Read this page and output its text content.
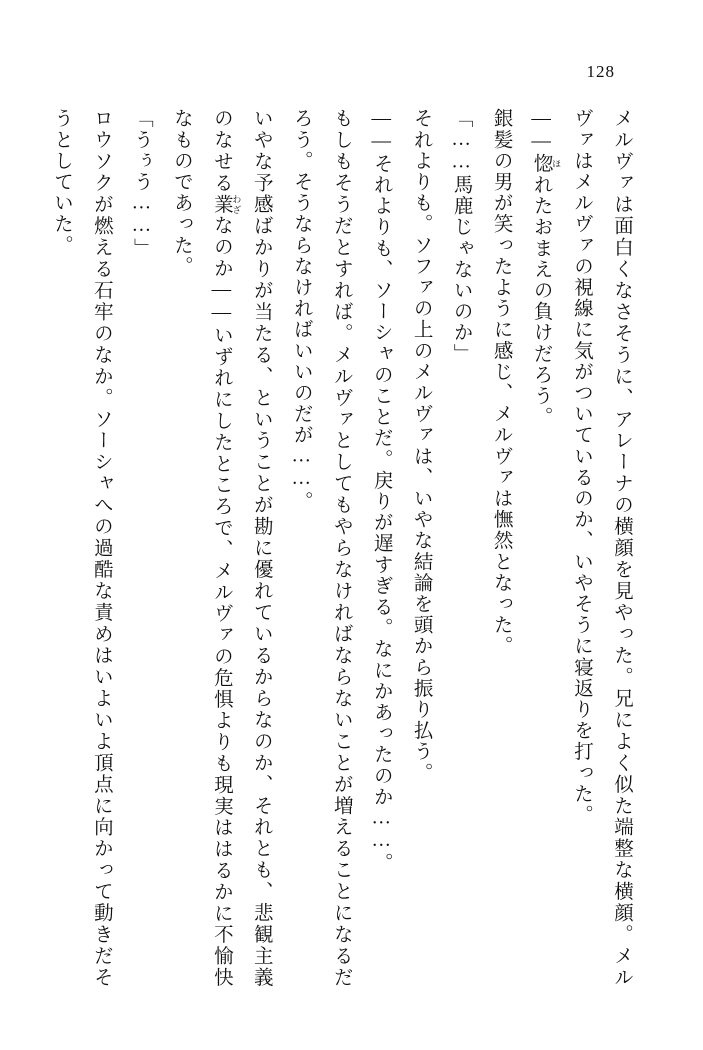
128

メルヴァは面白くなさそうに、アレーナの横顔を見やった。兄によく似た端整な横顔。メルヴァはメルヴァの視線に気がついているのか、いやそうに寝返りを打った。

——惚 ほれたおまえの負けだろう。

銀髪の男が笑ったように感じ、メルヴァは憮然となった。

「……馬鹿じゃないのか」

それよりも。ソファの上のメルヴァは、いやな結論を頭から振り払う。

——それよりも、ソーシャのことだ。戻りが遅すぎる。なにかあったのか……。

もしもそうだとすれば。メルヴァとしてもやらなければならないことが増えることになるだろう。そうならなければいいのだが……。

いやな予感ばかりが当たる、ということが勘に優れているからなのか、それとも、悲観主義のなせる業 わざなのか——いずれにしたところで、メルヴァの危惧よりも現実ははるかに不愉快なものであった。

「うぅう……」

ロウソクが燃える石牢のなか。ソーシャへの過酷な責めはいよいよ頂点に向かって動きだそうとしていた。
